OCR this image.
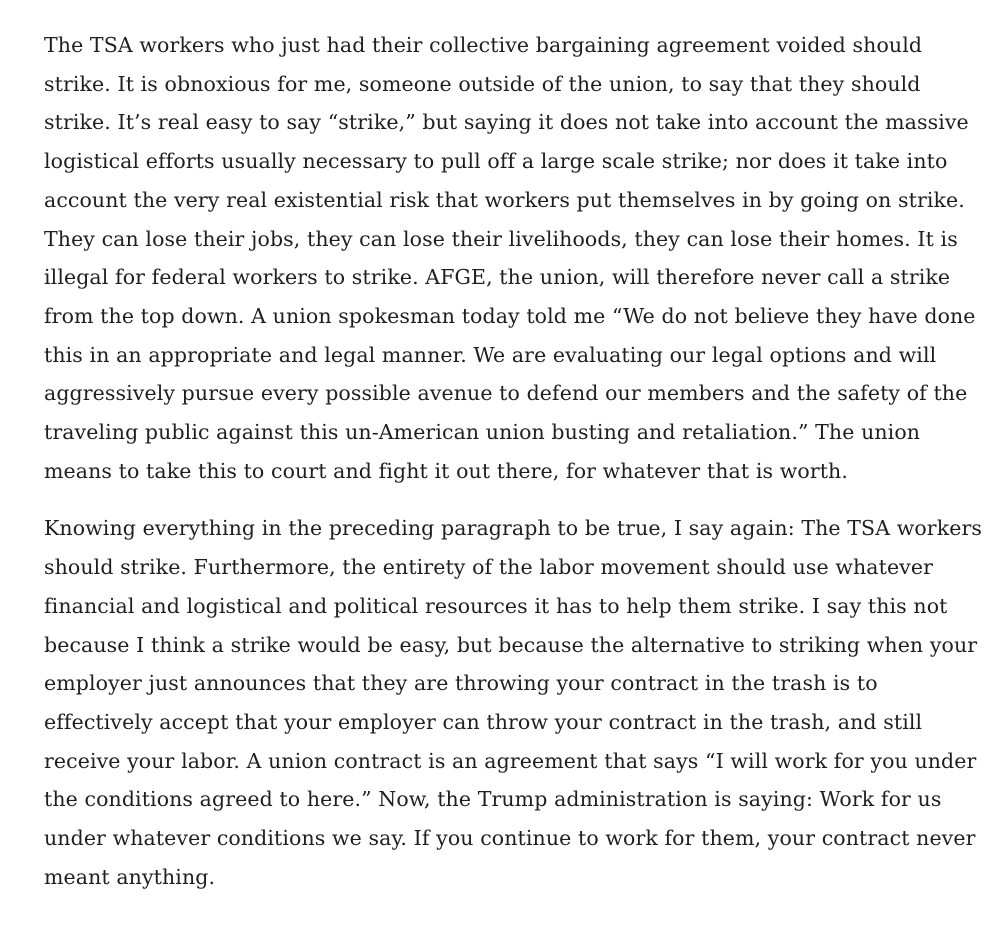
The TSA workers who just had their collective bargaining agreement voided should strike. It is obnoxious for me, someone outside of the union, to say that they should strike. It’s real easy to say “strike,” but saying it does not take into account the massive logistical efforts usually necessary to pull off a large scale strike; nor does it take into account the very real existential risk that workers put themselves in by going on strike. They can lose their jobs, they can lose their livelihoods, they can lose their homes. It is illegal for federal workers to strike. AFGE, the union, will therefore never call a strike from the top down. A union spokesman today told me “We do not believe they have done this in an appropriate and legal manner. We are evaluating our legal options and will aggressively pursue every possible avenue to defend our members and the safety of the traveling public against this un-American union busting and retaliation.” The union means to take this to court and fight it out there, for whatever that is worth.

Knowing everything in the preceding paragraph to be true, I say again: The TSA workers should strike. Furthermore, the entirety of the labor movement should use whatever financial and logistical and political resources it has to help them strike. I say this not because I think a strike would be easy, but because the alternative to striking when your employer just announces that they are throwing your contract in the trash is to effectively accept that your employer can throw your contract in the trash, and still receive your labor. A union contract is an agreement that says “I will work for you under the conditions agreed to here.” Now, the Trump administration is saying: Work for us under whatever conditions we say. If you continue to work for them, your contract never meant anything.
